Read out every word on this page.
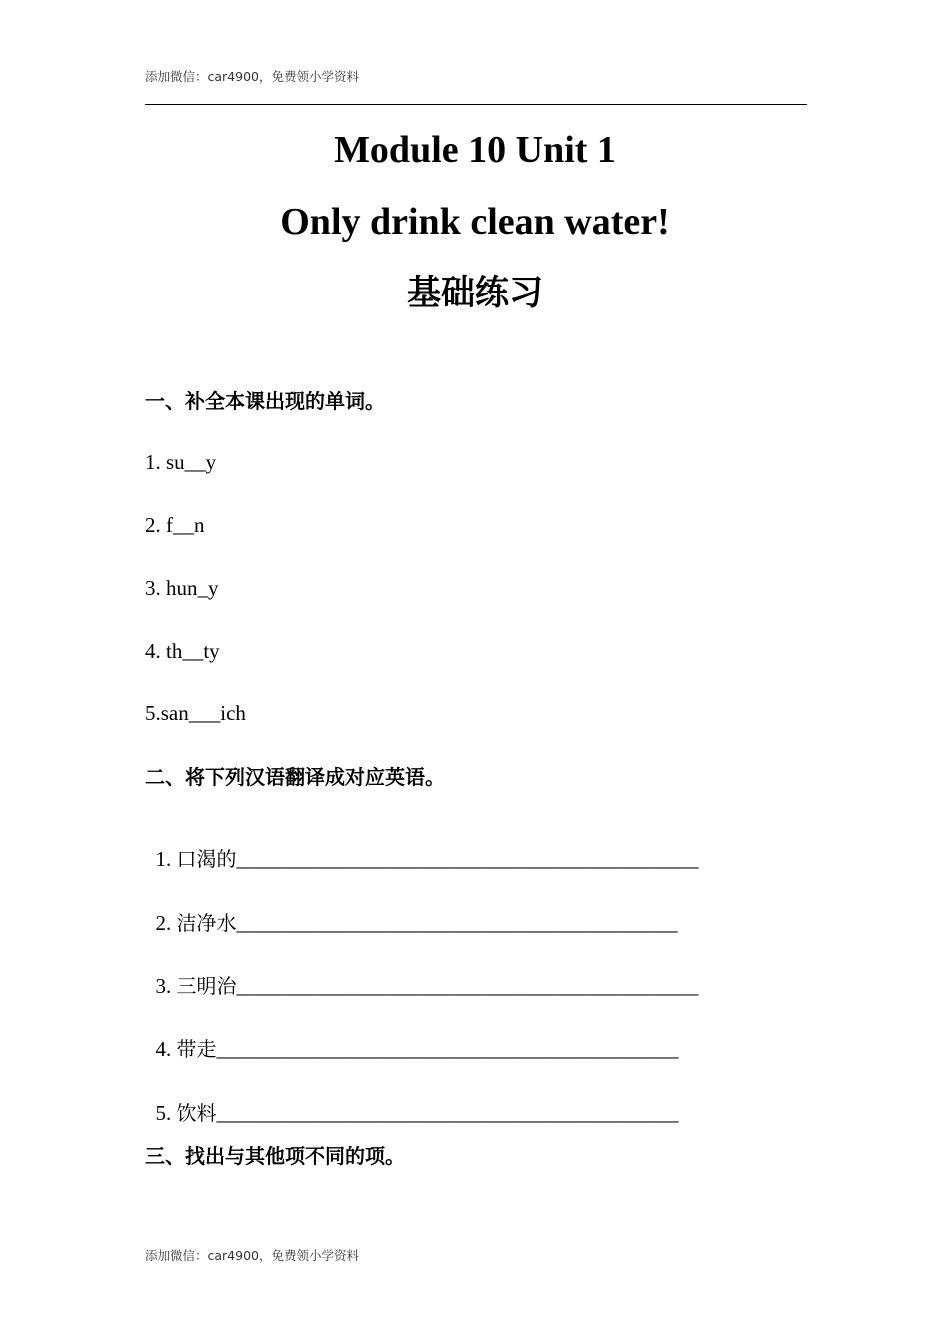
添加微信：car4900，免费领小学资料
Module 10 Unit 1
Only drink clean water!
基础练习
一、补全本课出现的单词。
1. su__y
2. f__n
3. hun_y
4. th__ty
5.san___ich
二、将下列汉语翻译成对应英语。

1. 口渴的____________________________________________

2. 洁净水__________________________________________

3. 三明治____________________________________________

4. 带走____________________________________________

5. 饮料____________________________________________

三、找出与其他项不同的项。
添加微信：car4900，免费领小学资料
